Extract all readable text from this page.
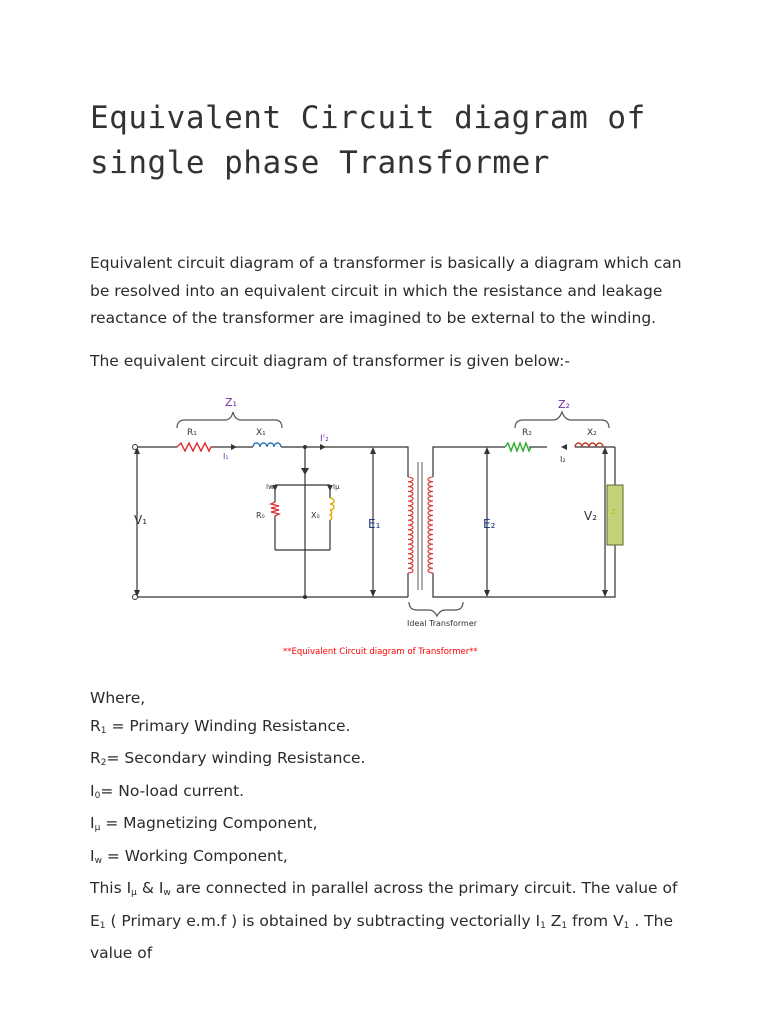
Equivalent Circuit diagram of single phase Transformer

Equivalent circuit diagram of a transformer is basically a diagram which can be resolved into an equivalent circuit in which the resistance and leakage reactance of the transformer are imagined to be external to the winding.

The equivalent circuit diagram of transformer is given below:-

Z₁
R₁	X₁
I₁
I'₂
Iw	Iμ
R₀	X₀
V₁	E₁	E₂
Z₂
R₂	X₂
I₂
V₂ Z
Ideal Transformer
**Equivalent Circuit diagram of Transformer**
Where,
$R_1$ = Primary Winding Resistance.
$R_2=$ Secondary winding Resistance.
$I_0=$ No-load current.
$I_\mu$ = Magnetizing Component,
$I_w$ = Working Component,
This $I_\mu$ & $I_w$ are connected in parallel across the primary circuit. The value of $E_1$ ( Primary e.m.f ) is obtained by subtracting vectorially $I_1$ $Z_1$ from $V_1$ . The value of
